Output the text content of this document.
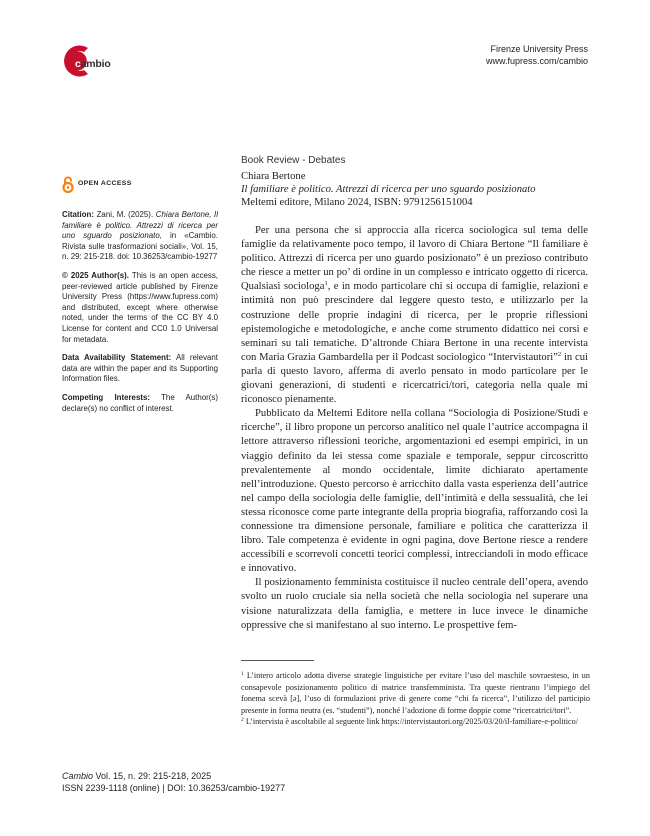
cambio
Firenze University Press
www.fupress.com/cambio
OPEN ACCESS
Citation: Zani, M. (2025). Chiara Bertone, Il familiare è politico. Attrezzi di ricerca per uno sguardo posizionato, in «Cambio. Rivista sulle trasformazioni sociali», Vol. 15, n. 29: 215-218. doi: 10.36253/cambio-19277
© 2025 Author(s). This is an open access, peer-reviewed article published by Firenze University Press (https://www.fupress.com) and distributed, except where otherwise noted, under the terms of the CC BY 4.0 License for content and CC0 1.0 Universal for metadata.
Data Availability Statement: All relevant data are within the paper and its Supporting Information files.
Competing Interests: The Author(s) declare(s) no conflict of interest.
Book Review - Debates
Chiara Bertone
Il familiare è politico. Attrezzi di ricerca per uno sguardo posizionato
Meltemi editore, Milano 2024, ISBN: 9791256151004

Per una persona che si approccia alla ricerca sociologica sul tema delle famiglie da relativamente poco tempo, il lavoro di Chiara Bertone “Il familiare è politico. Attrezzi di ricerca per uno guardo posizionato” è un prezioso contributo che riesce a metter un po’ di ordine in un complesso e intricato oggetto di ricerca. Qualsiasi sociologa$^1$, e in modo particolare chi si occupa di famiglie, relazioni e intimità non può prescindere dal leggere questo testo, e utilizzarlo per la costruzione delle proprie indagini di ricerca, per le proprie riflessioni epistemologiche e metodologiche, e anche come strumento didattico nei corsi e seminari su tali tematiche. D’altronde Chiara Bertone in una recente intervista con Maria Grazia Gambardella per il Podcast sociologico “Intervistautori”$^2$ in cui parla di questo lavoro, afferma di averlo pensato in modo particolare per le giovani generazioni, di studenti e ricercatrici/tori, categoria nella quale mi riconosco pienamente.

Pubblicato da Meltemi Editore nella collana “Sociologia di Posizione/Studi e ricerche”, il libro propone un percorso analitico nel quale l’autrice accompagna il lettore attraverso riflessioni teoriche, argomentazioni ed esempi empirici, in un viaggio definito da lei stessa come spaziale e temporale, seppur circoscritto prevalentemente al mondo occidentale, limite dichiarato apertamente nell’introduzione. Questo percorso è arricchito dalla vasta esperienza dell’autrice nel campo della sociologia delle famiglie, dell’intimità e della sessualità, che lei stessa riconosce come parte integrante della propria biografia, rafforzando così la connessione tra dimensione personale, familiare e politica che caratterizza il libro. Tale competenza è evidente in ogni pagina, dove Bertone riesce a rendere accessibili e scorrevoli concetti teorici complessi, intrecciandoli in modo efficace e innovativo.

Il posizionamento femminista costituisce il nucleo centrale dell’opera, avendo svolto un ruolo cruciale sia nella società che nella sociologia nel superare una visione naturalizzata della famiglia, e mettere in luce invece le dinamiche oppressive che si manifestano al suo interno. Le prospettive fem-

$^1$ L’intero articolo adotta diverse strategie linguistiche per evitare l’uso del maschile sovraesteso, in un consapevole posizionamento politico di matrice transfemminista. Tra queste rientrano l’impiego del fonema scevà [ə], l’uso di formulazioni prive di genere come “chi fa ricerca”, l’utilizzo del participio presente in forma neutra (es. “studenti”), nonché l’adozione di forme doppie come “ricercatrici/tori”.

$^2$ L’intervista è ascoltabile al seguente link https://intervistautori.org/2025/03/20/il-familiare-e-politico/

Cambio Vol. 15, n. 29: 215-218, 2025
ISSN 2239-1118 (online) | DOI: 10.36253/cambio-19277
